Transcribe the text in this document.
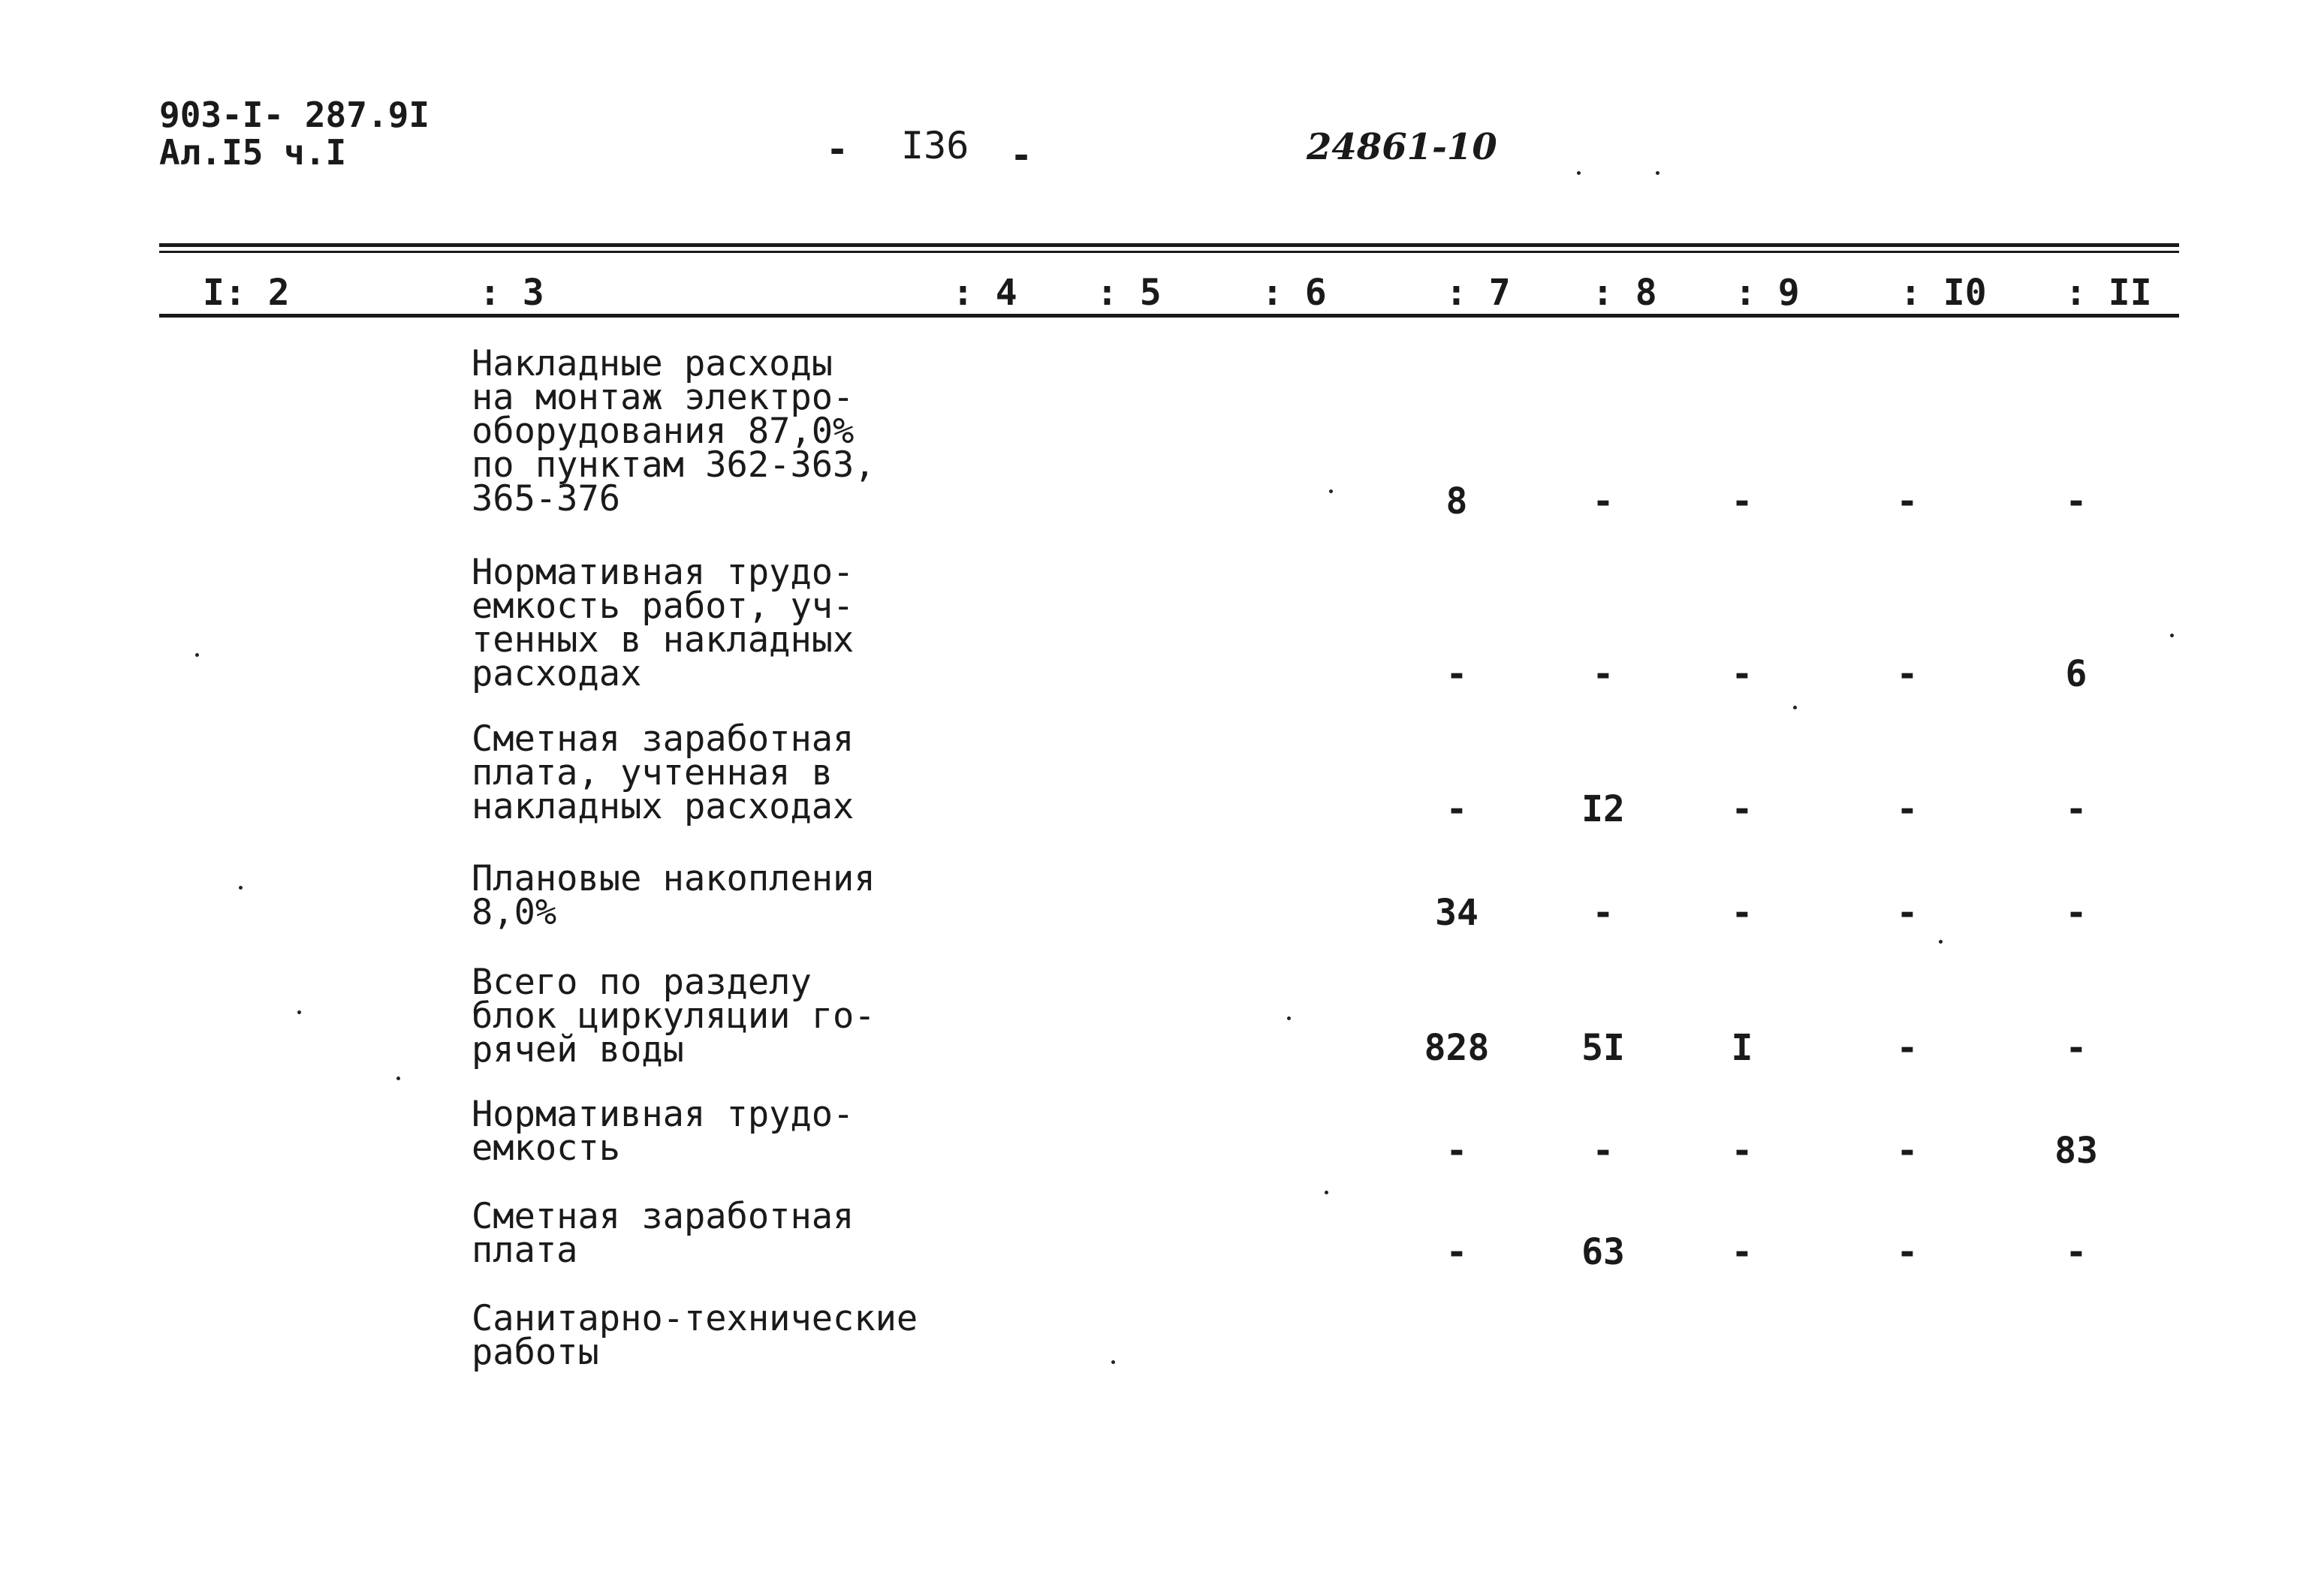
903-I- 287.9I
Ал.I5 ч.I	- I36 -	24861-10
I: 2	: 3	: 4 : 5	: 6	: 7 : 8 : 9	: I0 : II
Накладные расходы
на монтаж электро-
оборудования 87,0%
по пунктам 362-363,
365-376	8	-	-	-	-
Нормативная трудо-
емкость работ, уч-
тенных в накладных
расходах	-	-	-	-	6
Сметная заработная
плата, учтенная в
накладных расходах	-	I2	-	-	-
Плановые накопления
8,0%	34	-	-	-	-
Всего по разделу
блок циркуляции го-
рячей воды	828	5I	I	-	-
Нормативная трудо-
емкость	-	-	-	-	83
Сметная заработная
плата	-	63	-	-	-
Санитарно-технические
работы
